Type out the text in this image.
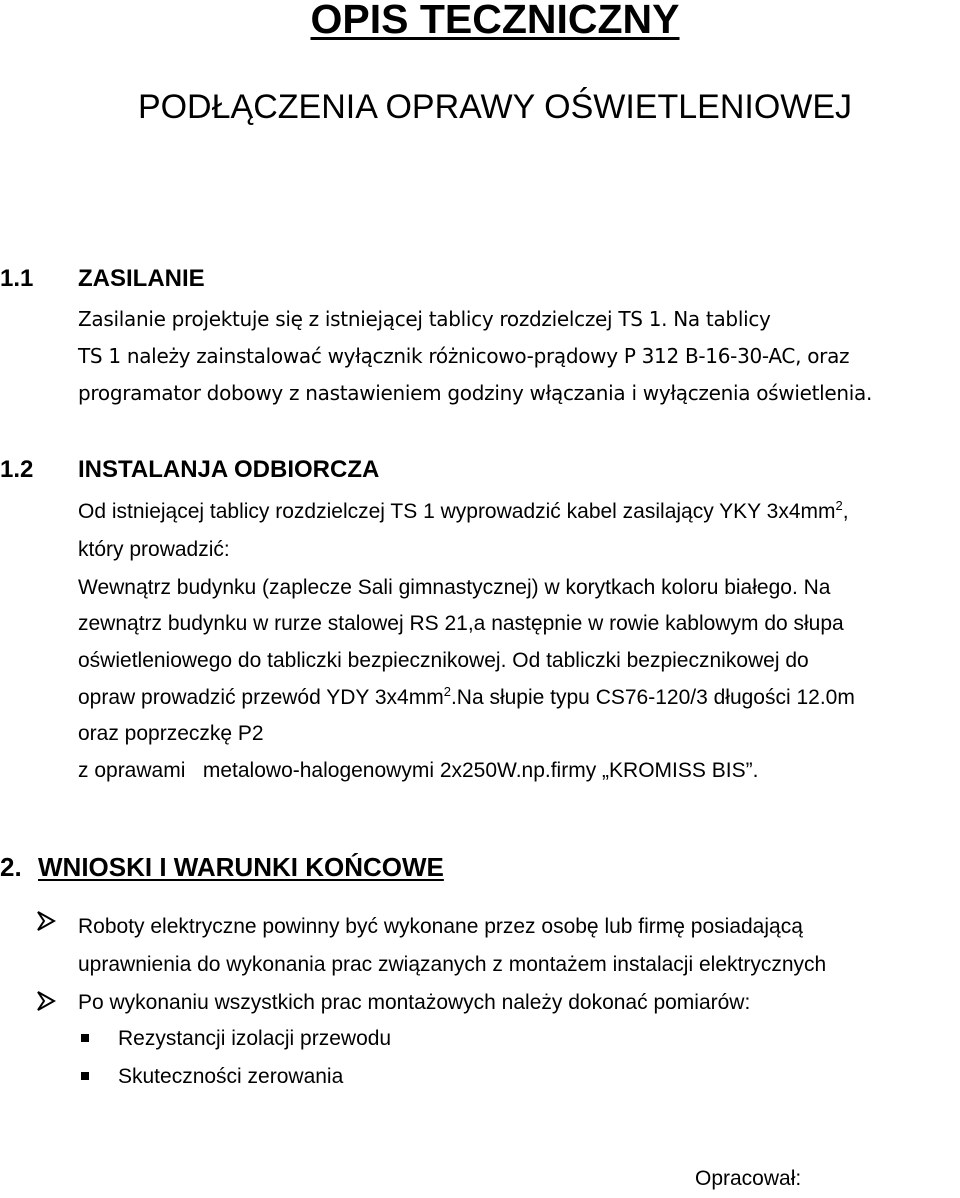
OPIS TECZNICZNY
PODŁĄCZENIA OPRAWY OŚWIETLENIOWEJ
1.1 ZASILANIE
Zasilanie projektuje się z istniejącej tablicy rozdzielczej TS 1. Na tablicy
TS 1 należy zainstalować wyłącznik różnicowo-prądowy P 312 B-16-30-AC, oraz
programator dobowy z nastawieniem godziny włączania i wyłączenia oświetlenia.
1.2 INSTALANJA ODBIORCZA
Od istniejącej tablicy rozdzielczej TS 1 wyprowadzić kabel zasilający YKY $3x4mm^2$,
który prowadzić:
Wewnątrz budynku (zaplecze Sali gimnastycznej) w korytkach koloru białego. Na
zewnątrz budynku w rurze stalowej RS 21,a następnie w rowie kablowym do słupa
oświetleniowego do tabliczki bezpiecznikowej. Od tabliczki bezpiecznikowej do
opraw prowadzić przewód YDY $3x4mm^2.Na$ słupie typu CS76-120/3 długości 12.0m
oraz poprzeczkę P2
z oprawami   metalowo-halogenowymi 2x250W.np.firmy „KROMISS BIS”.
2. WNIOSKI I WARUNKI KOŃCOWE
Roboty elektryczne powinny być wykonane przez osobę lub firmę posiadającą
uprawnienia do wykonania prac związanych z montażem instalacji elektrycznych
Po wykonaniu wszystkich prac montażowych należy dokonać pomiarów:
Rezystancji izolacji przewodu
Skuteczności zerowania
Opracował:
